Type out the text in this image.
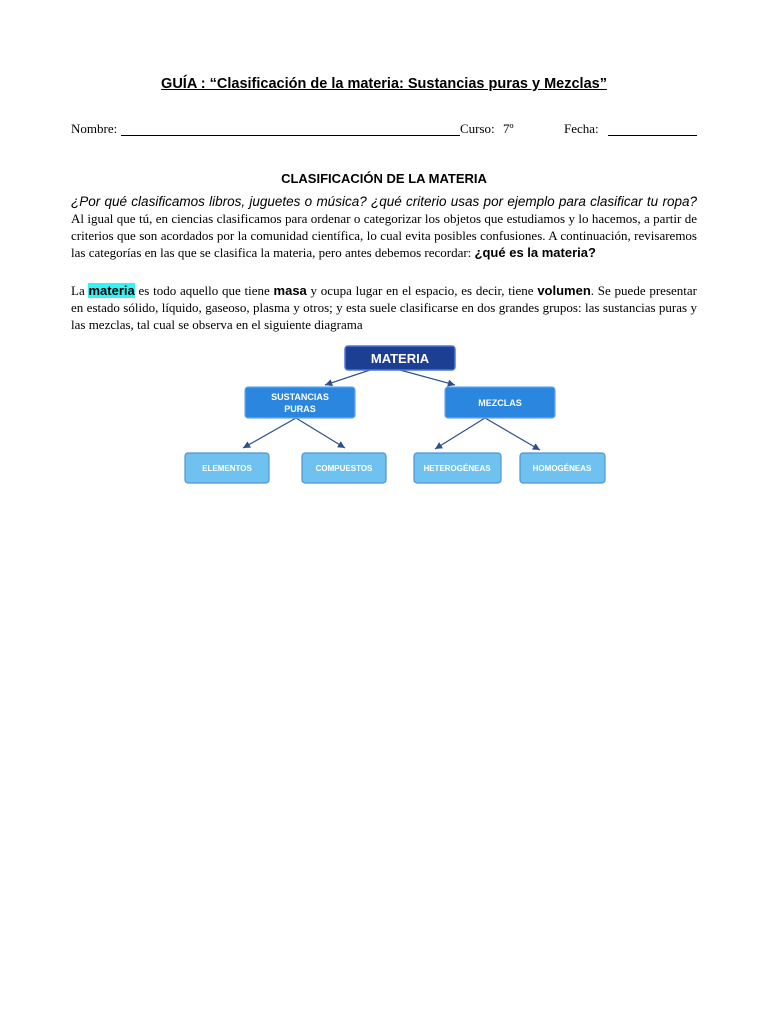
GUÍA : “Clasificación de la materia: Sustancias puras y Mezclas”
Nombre:	Curso: 7º	Fecha:
CLASIFICACIÓN DE LA MATERIA

¿Por qué clasificamos libros, juguetes o música? ¿qué criterio usas por ejemplo para clasificar tu ropa? Al igual que tú, en ciencias clasificamos para ordenar o categorizar los objetos que estudiamos y lo hacemos, a partir de criterios que son acordados por la comunidad científica, lo cual evita posibles confusiones. A continuación, revisaremos las categorías en las que se clasifica la materia, pero antes debemos recordar: ¿qué es la materia?

La materia es todo aquello que tiene masa y ocupa lugar en el espacio, es decir, tiene volumen. Se puede presentar en estado sólido, líquido, gaseoso, plasma y otros; y esta suele clasificarse en dos grandes grupos: las sustancias puras y las mezclas, tal cual se observa en el siguiente diagrama

MATERIA
SUSTANCIAS
PURAS
MEZCLAS
ELEMENTOS	COMPUESTOS	HETEROGÉNEAS	HOMOGÉNEAS
